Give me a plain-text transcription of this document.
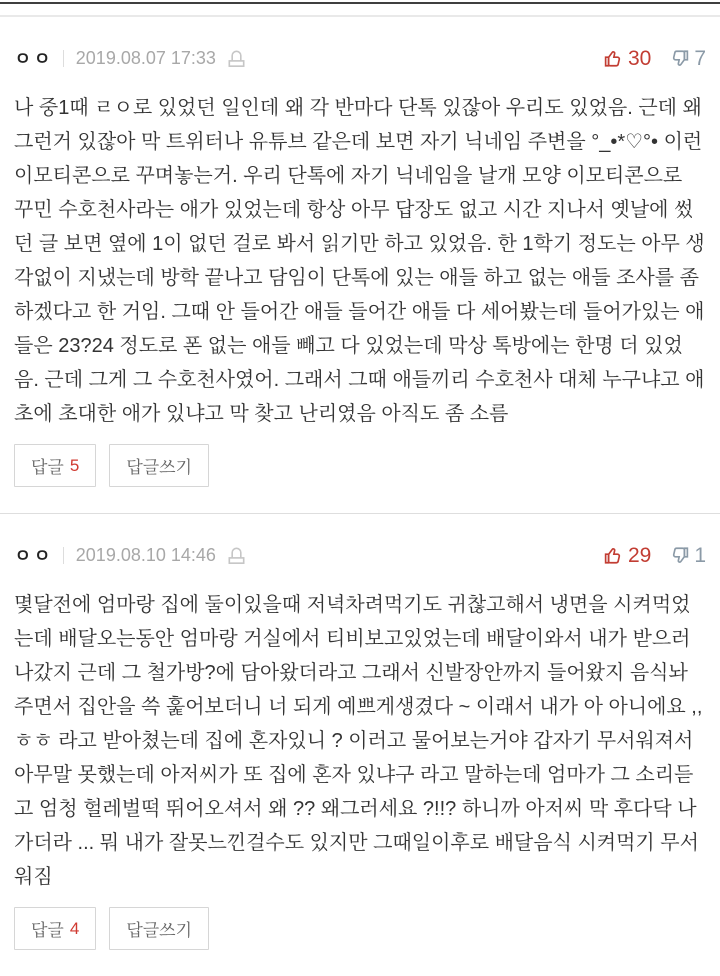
ㅇㅇ 2019.08.07 17:33	30 7
나 중1때 ㄹㅇ로 있었던 일인데 왜 각 반마다 단톡 있잖아 우리도 있었음. 근데 왜 그런거 있잖아 막 트위터나 유튜브 같은데 보면 자기 닉네임 주변을 °_•*♡°• 이런 이모티콘으로 꾸며놓는거. 우리 단톡에 자기 닉네임을 날개 모양 이모티콘으로 꾸민 수호천사라는 애가 있었는데 항상 아무 답장도 없고 시간 지나서 옛날에 썼던 글 보면 옆에 1이 없던 걸로 봐서 읽기만 하고 있었음. 한 1학기 정도는 아무 생각없이 지냈는데 방학 끝나고 담임이 단톡에 있는 애들 하고 없는 애들 조사를 좀 하겠다고 한 거임. 그때 안 들어간 애들 들어간 애들 다 세어봤는데 들어가있는 애들은 23?24 정도로 폰 없는 애들 빼고 다 있었는데 막상 톡방에는 한명 더 있었음. 근데 그게 그 수호천사였어. 그래서 그때 애들끼리 수호천사 대체 누구냐고 애초에 초대한 애가 있냐고 막 찾고 난리였음 아직도 좀 소름
답글 5	답글쓰기
ㅇㅇ 2019.08.10 14:46	29 1
몇달전에 엄마랑 집에 둘이있을때 저녁차려먹기도 귀찮고해서 냉면을 시켜먹었는데 배달오는동안 엄마랑 거실에서 티비보고있었는데 배달이와서 내가 받으러나갔지 근데 그 철가방?에 담아왔더라고 그래서 신발장안까지 들어왔지 음식놔주면서 집안을 쓱 훑어보더니 너 되게 예쁘게생겼다 ~ 이래서 내가 아 아니에요 ,,ㅎㅎ 라고 받아쳤는데 집에 혼자있니 ? 이러고 물어보는거야 갑자기 무서워져서 아무말 못했는데 아저씨가 또 집에 혼자 있냐구 라고 말하는데 엄마가 그 소리듣고 엄청 헐레벌떡 뛰어오셔서 왜 ?? 왜그러세요 ?!!? 하니까 아저씨 막 후다닥 나가더라 ... 뭐 내가 잘못느낀걸수도 있지만 그때일이후로 배달음식 시켜먹기 무서워짐
답글 4	답글쓰기
